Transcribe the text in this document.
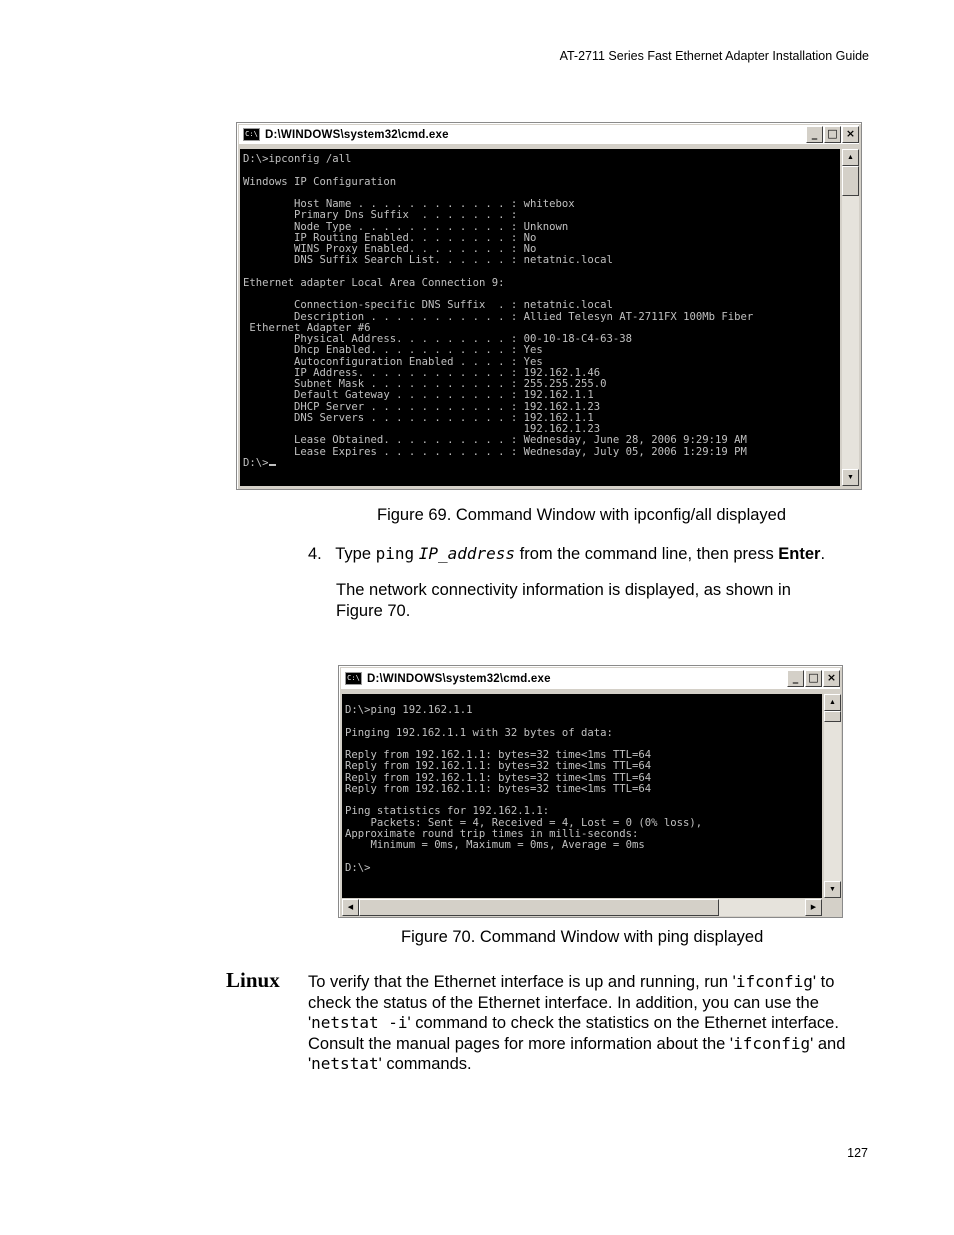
AT-2711 Series Fast Ethernet Adapter Installation Guide
C:\ D:\WINDOWS\system32\cmd.exe	_ □ ×
D:\>ipconfig /all

Windows IP Configuration

Host Name . . . . . . . . . . . . : whitebox
Primary Dns Suffix  . . . . . . . :
Node Type . . . . . . . . . . . . : Unknown
IP Routing Enabled. . . . . . . . : No
WINS Proxy Enabled. . . . . . . . : No
DNS Suffix Search List. . . . . . : netatnic.local

Ethernet adapter Local Area Connection 9:

Connection-specific DNS Suffix  . : netatnic.local
Description . . . . . . . . . . . : Allied Telesyn AT-2711FX 100Mb Fiber
Ethernet Adapter #6
Physical Address. . . . . . . . . : 00-10-18-C4-63-38
Dhcp Enabled. . . . . . . . . . . : Yes
Autoconfiguration Enabled . . . . : Yes
IP Address. . . . . . . . . . . . : 192.162.1.46
Subnet Mask . . . . . . . . . . . : 255.255.255.0
Default Gateway . . . . . . . . . : 192.162.1.1
DHCP Server . . . . . . . . . . . : 192.162.1.23
DNS Servers . . . . . . . . . . . : 192.162.1.1
192.162.1.23
Lease Obtained. . . . . . . . . . : Wednesday, June 28, 2006 9:29:19 AM
Lease Expires . . . . . . . . . . : Wednesday, July 05, 2006 1:29:19 PM
D:\>
▲
▼
Figure 69. Command Window with ipconfig/all displayed
4. Type ping IP_address from the command line, then press Enter.
The network connectivity information is displayed, as shown in Figure 70.
C:\ D:\WINDOWS\system32\cmd.exe	_ □ ×
D:\>ping 192.162.1.1

Pinging 192.162.1.1 with 32 bytes of data:

Reply from 192.162.1.1: bytes=32 time<1ms TTL=64
Reply from 192.162.1.1: bytes=32 time<1ms TTL=64
Reply from 192.162.1.1: bytes=32 time<1ms TTL=64
Reply from 192.162.1.1: bytes=32 time<1ms TTL=64

Ping statistics for 192.162.1.1:
Packets: Sent = 4, Received = 4, Lost = 0 (0% loss),
Approximate round trip times in milli-seconds:
Minimum = 0ms, Maximum = 0ms, Average = 0ms

D:\>
▲
▼
◀	▶
Figure 70. Command Window with ping displayed
Linux To verify that the Ethernet interface is up and running, run 'ifconfig' to check the status of the Ethernet interface. In addition, you can use the 'netstat -i' command to check the statistics on the Ethernet interface. Consult the manual pages for more information about the 'ifconfig' and 'netstat' commands.
127
